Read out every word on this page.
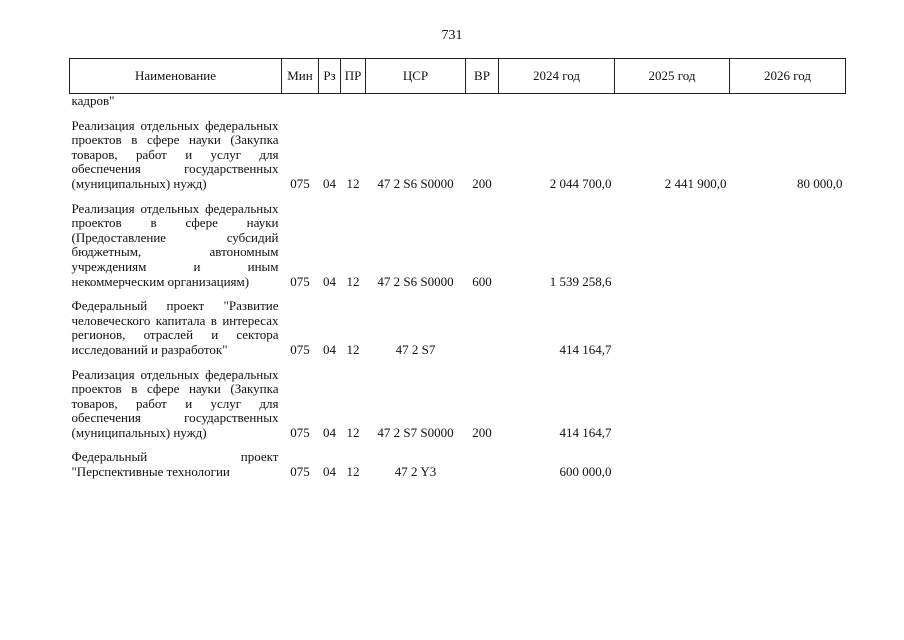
731
Наименование	Мин	Рз	ПР	ЦСР	ВР	2024 год	2025 год	2026 год
кадров"								
Реализация отдельных федеральных проектов в сфере науки (Закупка товаров, работ и услуг для обеспечения государственных (муниципальных) нужд)	075	04	12	47 2 S6 S0000	200	2 044 700,0	2 441 900,0	80 000,0
Реализация отдельных федеральных проектов в сфере науки (Предоставление субсидий бюджетным, автономным учреждениям и иным некоммерческим организациям)	075	04	12	47 2 S6 S0000	600	1 539 258,6		
Федеральный проект "Развитие человеческого капитала в интересах регионов, отраслей и сектора исследований и разработок"	075	04	12	47 2 S7		414 164,7		
Реализация отдельных федеральных проектов в сфере науки (Закупка товаров, работ и услуг для обеспечения государственных (муниципальных) нужд)	075	04	12	47 2 S7 S0000	200	414 164,7		
Федеральный проект "Перспективные технологии	075	04	12	47 2 Y3		600 000,0		
